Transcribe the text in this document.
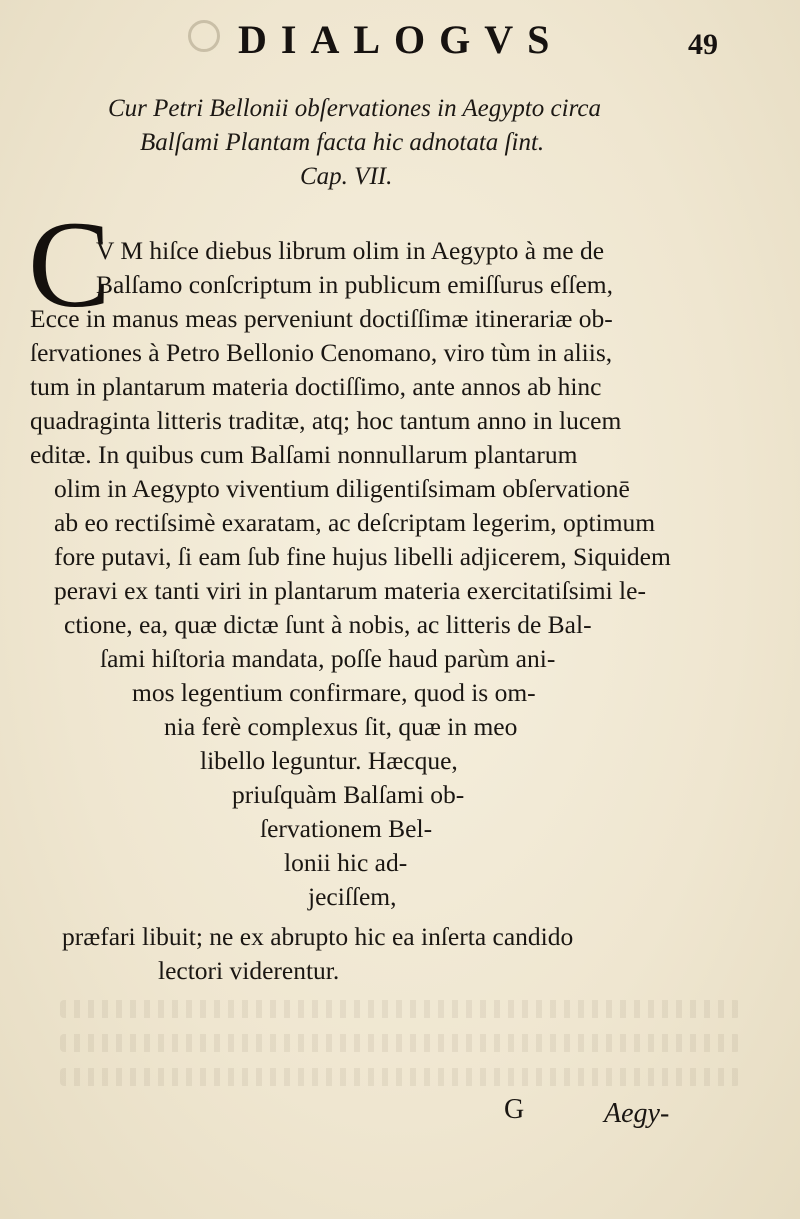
DIALOGVS	49
Cur Petri Bellonii obſervationes in Aegypto circa
Balſami Plantam facta hic adnotata ſint.
Cap. VII.
C
V M hiſce diebus librum olim in Aegypto à me de
Balſamo conſcriptum in publicum emiſſurus eſſem,
Ecce in manus meas perveniunt doctiſſimæ itinerariæ ob-
ſervationes à Petro Bellonio Cenomano, viro tùm in aliis,
tum in plantarum materia doctiſſimo, ante annos ab hinc
quadraginta litteris traditæ, atq; hoc tantum anno in lucem
editæ. In quibus cum Balſami nonnullarum plantarum
olim in Aegypto viventium diligentiſsimam obſervationē
ab eo rectiſsimè exaratam, ac deſcriptam legerim, optimum
fore putavi, ſi eam ſub fine hujus libelli adjicerem, Siquidem
peravi ex tanti viri in plantarum materia exercitatiſsimi le-
ctione, ea, quæ dictæ ſunt à nobis, ac litteris de Bal-
ſami hiſtoria mandata, poſſe haud parùm ani-
mos legentium confirmare, quod is om-
nia ferè complexus ſit, quæ in meo
libello leguntur. Hæcque,
priuſquàm Balſami ob-
ſervationem Bel-
lonii hic ad-
jeciſſem,
præfari libuit; ne ex abrupto hic ea inſerta candido
lectori viderentur.
G	Aegy-
